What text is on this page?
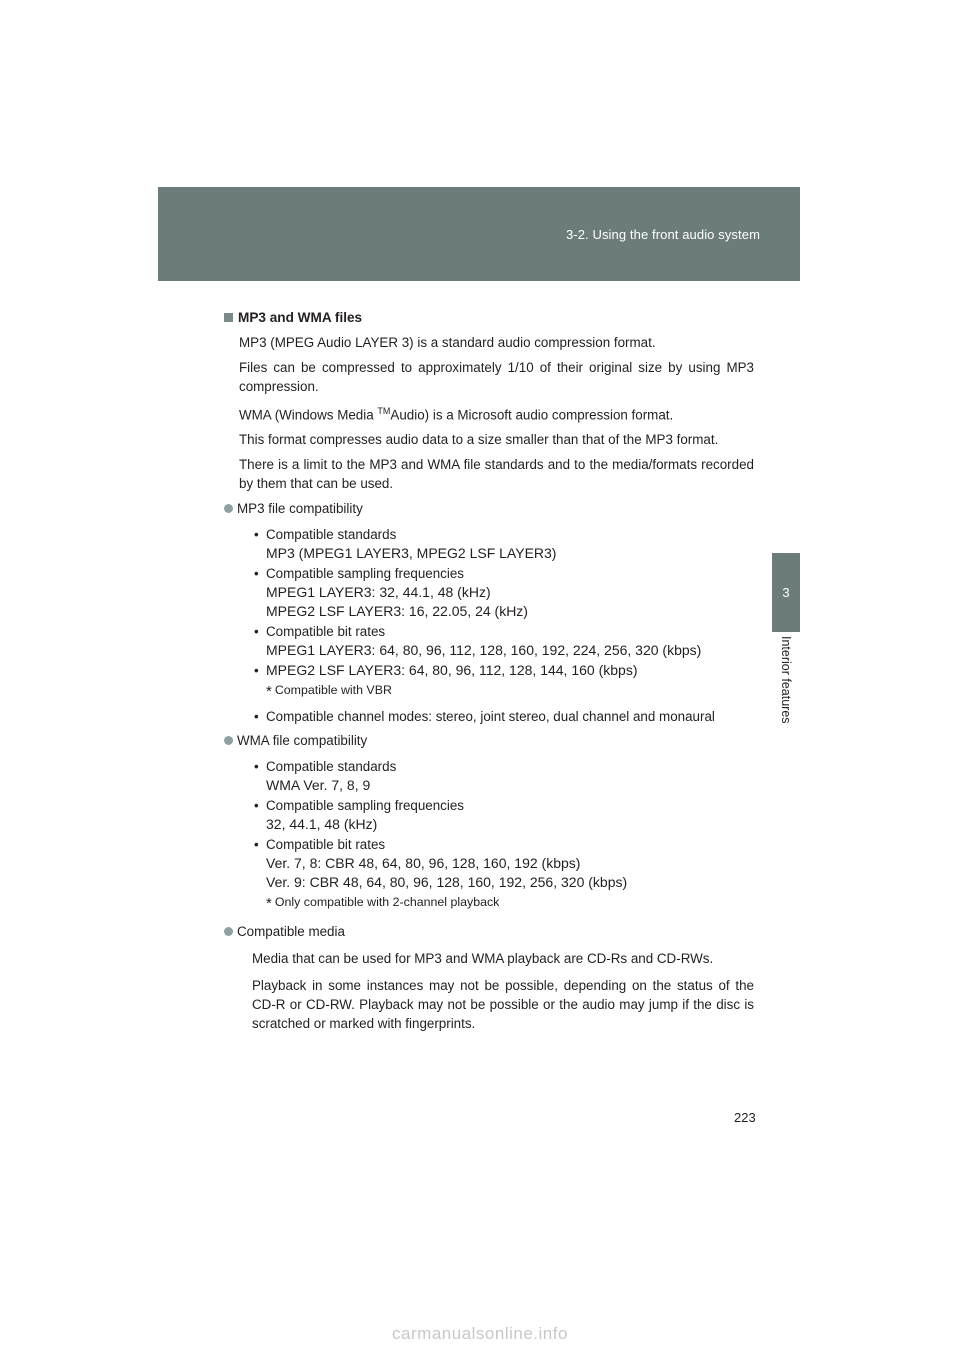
3-2. Using the front audio system
3
Interior features
MP3 and WMA files

MP3 (MPEG Audio LAYER 3) is a standard audio compression format.

Files can be compressed to approximately 1/10 of their original size by using MP3 compression.

WMA (Windows Media ™Audio) is a Microsoft audio compression format.

This format compresses audio data to a size smaller than that of the MP3 format.

There is a limit to the MP3 and WMA file standards and to the media/formats recorded by them that can be used.

MP3 file compatibility
• Compatible standards
MP3 (MPEG1 LAYER3, MPEG2 LSF LAYER3)
• Compatible sampling frequencies
MPEG1 LAYER3: 32, 44.1, 48 (kHz)
MPEG2 LSF LAYER3: 16, 22.05, 24 (kHz)
• Compatible bit rates
MPEG1 LAYER3: 64, 80, 96, 112, 128, 160, 192, 224, 256, 320 (kbps)
• MPEG2 LSF LAYER3: 64, 80, 96, 112, 128, 144, 160 (kbps)
* Compatible with VBR
• Compatible channel modes: stereo, joint stereo, dual channel and monaural
WMA file compatibility
• Compatible standards
WMA Ver. 7, 8, 9
• Compatible sampling frequencies
32, 44.1, 48 (kHz)
• Compatible bit rates
Ver. 7, 8: CBR 48, 64, 80, 96, 128, 160, 192 (kbps)
Ver. 9: CBR 48, 64, 80, 96, 128, 160, 192, 256, 320 (kbps)
* Only compatible with 2-channel playback
Compatible media

Media that can be used for MP3 and WMA playback are CD-Rs and CD-RWs.

Playback in some instances may not be possible, depending on the status of the CD-R or CD-RW. Playback may not be possible or the audio may jump if the disc is scratched or marked with fingerprints.

223
carmanualsonline.info
